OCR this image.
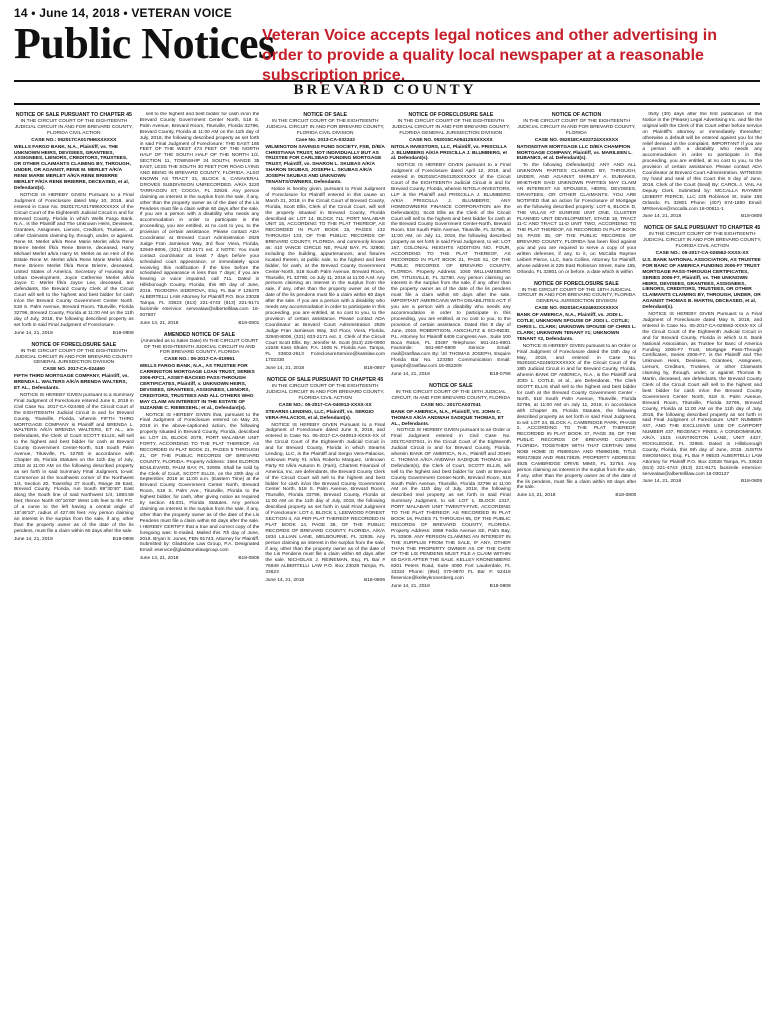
14 • June 14, 2018 • VETERAN VOICE
Public Notices
Veteran Voice accepts legal notices and other advertising in order to provide a quality local newspaper at a reasonable subscription price.
BREVARD COUNTY
NOTICE OF SALE PURSUANT TO CHAPTER 45
IN THE CIRCUIT COURT OF THE EIGHTEENTH JUDICIAL CIRCUIT IN AND FOR BREVARD COUNTY, FLORIDA CIVIL ACTION
CASE NO.: 052017CA017696XXXXXX
WELLS FARGO BANK, N.A., Plaintiff, vs. THE UNKNOWN HEIRS, DEVISEES, GRANTEES, ASSIGNEES, LIENORS, CREDITORS, TRUSTEES, OR OTHER CLAIMANTS CLAIMING BY, THROUGH, UNDER, OR AGAINST, RENE M. MERLET A/K/A RENE MARIE MERLET A/K/A RENE BRIERRE MERLET F/K/A RENE BRIERRE, DECEASED, et al, Defendant(s).

NOTICE IS HEREBY GIVEN Pursuant to a Final Judgment of Foreclosure dated May 10, 2018, and entered in Case No. 052017CA017696XXXXXX of the Circuit Court of the Eighteenth Judicial Circuit in and for Brevard County, Florida in which Wells Fargo Bank, N.A., is the Plaintiff and The Unknown Heirs, Devisees, Grantees, Assignees, Lienors, Creditors, Trustees, or other Claimants claiming by, through, under, or against, Rene M. Merlet a/k/a Rene Marie Merlet a/k/a Rene Brierre Merlet f/k/a Rene Brierre, deceased, Harry Michael Merlet a/k/a Harry M. Merlet as an Heir of the Estate Rene M. Merlet a/k/a Rene Marie Merlet a/k/a Rene Brierre Merlet f/k/a Rene Brierre, deceased, United States of America, Secretary of Housing and Urban Development, Joyce Catherine Merlet a/k/a Joyce C. Merlet f/k/a Joyce Lee, deceased, are defendants, the Brevard County Clerk of the Circuit Court will sell to the highest and best bidder for cash in/on the Brevard County Government Center North, 518 S. Palm Avenue, Brevard Room, Titusville, Florida 32796, Brevard County, Florida at 11:00 AM on the 11th day of July, 2018, the following described property as set forth in said Final Judgment of Foreclosure.

June 14, 21, 2018	B18-0808
NOTICE OF FORECLOSURE SALE
IN THE CIRCUIT COURT OF THE EIGHTEENTH JUDICIAL CIRCUIT IN AND FOR BREVARD COUNTY GENERAL JURISDICTION DIVISION
CASE NO. 2017-CA-024460
FIFTH THIRD MORTGAGE COMPANY, Plaintiff, vs. BRENDA L. WALTERS A/K/A BRENDA WALTERS, ET AL., Defendants.

NOTICE IS HEREBY GIVEN pursuant to a Summary Final Judgment of Foreclosure entered June 6, 2018 in Civil Case No. 2017-CA-024460 of the Circuit Court of the EIGHTEENTH Judicial Circuit in and for Brevard County, Titusville, Florida, wherein FIFTH THIRD MORTGAGE COMPANY is Plaintiff and BRENDA L. WALTERS A/K/A BRENDA WALTERS, ET AL., are Defendants, the Clerk of Court SCOTT ELLIS, will sell to the highest and best bidder for cash at Brevard County Government Center-North, 518 South Palm Avenue, Titusville, FL 32780 in accordance with Chapter 45, Florida Statutes on the 11th day of July, 2018 at 11:00 AM on the following described property as set forth in said Summary Final Judgment, to-wit: Commence at the Southwest corner of the Northwest 1/4, Section 20, Township 27 South, Range 36 East, Brevard County, Florida, run South 89°30'40" East along the South line of said Northwest 1/4, 1893.58 feet; thence North 00°16'00" West 145 feet to the P.C. of a curve to the left having a central angle of 15°46'10", radius of 427.68 feet. Any person claiming an interest in the surplus from the sale, if any, other than the property owner as of the date of the lis pendens, must file a claim within 60 days after the sale.

June 14, 21, 2018	B18-0808

sell to the highest and best bidder for cash in/on the Brevard County Government Center North, 518 S. Palm Avenue, Brevard Room, Titusville, Florida 32796, Brevard County, Florida at 11:00 AM on the 11th day of July, 2018, the following described property as set forth in said Final Judgment of Foreclosure: THE EAST 165 FEET OF THE WEST 473 FEET OF THE NORTH HALF OF THE SOUTH HALF OF THE NORTH 1/2, SECTION 11, TOWNSHIP 24 SOUTH, RANGE 35 EAST, LESS THE SOUTH 30 FEET FOR ROAD LYING AND BEING IN BREVARD COUNTY, FLORIDA. ALSO KNOWN AS TRACT 31, BLOCK 5, CANAVERAL GROVES SUBDIVISION UNRECORDED. A/K/A 3220 TARRAGON ST, COCOA, FL 32926. Any person claiming an interest in the surplus from the sale, if any, other than the property owner as of the date of the Lis Pendens must file a claim within 60 days after the sale. If you are a person with a disability who needs any accommodation in order to participate in this proceeding, you are entitled, at no cost to you, to the provision of certain assistance. Please contact ADA Coordinator at Brevard Court Administration 2825 Judge Fran Jamieson Way, 3rd floor Viera, Florida, 32940-8006, (321) 633-2171 ext. 2 NOTE: You must contact coordinator at least 7 days before your scheduled court appearance, or immediately upon receiving this notification if the time before the scheduled appearance is less than 7 days; if you are hearing or voice impaired, call 711. Dated in Hillsborough County, Florida, this 9th day of June, 2018. TEODORA SIDEROVA, Esq. FL Bar # 125470 ALBERTELLI LAW Attorney for Plaintiff P.O. Box 23028 Tampa, FL 33623 (813) 221-4743 (813) 221-9171 facsimile eService: servealaw@albertellilaw.com 16-007807

June 14, 21, 2018	B18-0801
AMENDED NOTICE OF SALE
(Amended as to Sales Date) IN THE CIRCUIT COURT OF THE EIGHTEENTH JUDICIAL CIRCUIT IN AND FOR BREVARD COUNTY, FLORIDA
CASE NO.: 05-2017-CA-019951
WELLS FARGO BANK, N.A., AS TRUSTEE FOR CARRINGTON MORTGAGE LOAN TRUST, SERIES 2006-RFC1, ASSET-BACKED PASS-THROUGH CERTIFICATES, Plaintiff, v. UNKNOWN HEIRS, DEVISEES, GRANTEES, ASSIGNEES, LIENORS, CREDITORS, TRUSTEES AND ALL OTHERS WHO MAY CLAIM AN INTEREST IN THE ESTATE OF SUZANNE C. RIEBESEHL; et al., Defendant(s).

NOTICE IS HEREBY GIVEN that, pursuant to the Final Judgment of Foreclosure entered on May 23, 2018 in the above-captioned action, the following property situated in Brevard County, Florida, described as: LOT 15, BLOCK 2078, PORT MALABAR UNIT FORTY, ACCORDING TO THE PLAT THEREOF, AS RECORDED IN PLAT BOOK 21, PAGES 5 THROUGH 21, OF THE PUBLIC RECORDS OF BREVARD COUNTY, FLORIDA. Property Address: 1564 ELDRON BOULEVARD, PALM BAY, FL 32909. Shall be sold by the Clerk of Court, SCOTT ELLIS, on the 20th day of September, 2018 at 11:00 a.m. (Eastern Time) at the Brevard County Government Center North, Brevard Room, 518 S. Palm Ave., Titusville, Florida to the highest bidder, for cash, after giving notice as required by section 45.031, Florida Statutes. Any person claiming an interest in the surplus from the sale, if any, other than the property owner as of the date of the Lis Pendens must file a claim within 60 days after the sale. I HEREBY CERTIFY that a true and correct copy of the foregoing was: E-mailed, Mailed this 7th day of June, 2018. Bryan S. Jones, FBN 91743, Attorney for Plaintiff. Submitted by: Gladstone Law Group, P.A. Designated Email: eservice@gladstonelawgroup.com

June 14, 21, 2018	B18-0805
NOTICE OF SALE
IN THE CIRCUIT COURT OF THE EIGHTEENTH JUDICIAL CIRCUIT IN AND FOR BREVARD COUNTY, FLORIDA CIVIL DIVISION
Case No. 2013-CA-032243
WILMINGTON SAVINGS FUND SOCIETY, FSB, D/B/A CHRISTIANA TRUST, NOT INDIVIDUALLY BUT AS TRUSTEE FOR CARLSBAD FUNDING MORTGAGE TRUST, Plaintiff, vs. SHARON L. SKUBAS A/K/A SHARON SKUBAS, JOSEPH L. SKUBAS A/K/A JOSEPH SKUBAS AND UNKNOWN TENANTS/OWNERS, Defendants.

Notice is hereby given, pursuant to Final Judgment of Foreclosure for Plaintiff entered in this cause on March 21, 2018, in the Circuit Court of Brevard County, Florida, Scott Ellis, Clerk of the Circuit Court, will sell the property situated in Brevard County, Florida described as: LOT 14, BLOCK 711, PORT MALABAR UNIT 15, ACCORDING TO THE PLAT THEREOF, AS RECORDED IN PLAT BOOK 15, PAGES 132 THROUGH 133, OF THE PUBLIC RECORDS OF BREVARD COUNTY, FLORIDA. and commonly known as: 410 VANCE CIRCLE NE, PALM BAY, FL 32905; including the building, appurtenances, and fixtures located therein, at public sale, to the highest and best bidder, for cash, at the Brevard County Government Center-North, 518 South Palm Avenue, Brevard Room, Titusville, FL 32780, on July 11, 2018 at 11:00 A.M. Any persons claiming an interest in the surplus from the sale, if any, other than the property owner as of the date of the lis pendens must file a claim within 60 days after the sale. If you are a person with a disability who needs any accommodation in order to participate in this proceeding, you are entitled, at no cost to you, to the provision of certain assistance. Please contact ADA Coordinator at Brevard Court Administration 2825 Judge Fran Jamieson Way, 3rd Floor, Viera, Florida, 32940-8006, (321) 633-2171 ext. 2. Clerk of the Circuit Court Scott Ellis. By: Jennifer M. Scott (813) 229-0900 x1648 Kass Shuler, P.A. 1505 N. Florida Ave. Tampa, FL 33602-2613 ForeclosureService@kasslaw.com 1702330

June 14, 21, 2018	B18-0807
NOTICE OF SALE PURSUANT TO CHAPTER 45
IN THE CIRCUIT COURT OF THE EIGHTEENTH JUDICIAL CIRCUIT IN AND FOR BREVARD COUNTY, FLORIDA CIVIL ACTION
CASE NO.: 05-2017-CA-040913-XXXX-XX
STEARNS LENDING, LLC, Plaintiff, vs. SERGIO VERA-PALACIOS, et al, Defendant(s).

NOTICE IS HEREBY GIVEN Pursuant to a Final Judgment of Foreclosure dated June 5, 2018, and entered in Case No. 05-2017-CA-040913-XXXX-XX of the Circuit Court of the Eighteenth Judicial Circuit in and for Brevard County, Florida in which Stearns Lending, LLC, is the Plaintiff and Sergio Vera-Palacios, Unknown Party #1 n/k/a Roberto Marquez, Unknown Party #2 n/k/a Autumn E. (Fam), Chartest Financial of America, Inc. are defendants, the Brevard County Clerk of the Circuit Court will sell to the highest and best bidder for cash in/on the Brevard County Government Center North, 518 S. Palm Avenue, Brevard Room, Titusville, Florida 32796, Brevard County, Florida at 11:00 AM on the 11th day of July, 2018, the following described property as set forth in said Final Judgment of Foreclosure: LOT 4, BLOCK 1, LEEWOOD FOREST SECTION 4, AS PER PLAT THEREOF RECORDED IN PLAT BOOK 14, PAGE 38, OF THE PUBLIC RECORDS OF BREVARD COUNTY, FLORIDA. A/K/A 1834 LILLIAN LANE, MELBOURNE, FL 32935. Any person claiming an interest in the surplus from the sale, if any, other than the property owner as of the date of the Lis Pendens must file a claim within 60 days after the sale. NICHOLAS J. REINEMAN, Esq. FL Bar # 76949 ALBERTELLI LAW P.O. Box 23028 Tampa, FL 33623

June 14, 21, 2018	B18-0806
NOTICE OF FORECLOSURE SALE
IN THE CIRCUIT COURT OF THE EIGHTEENTH JUDICIAL CIRCUIT IN AND FOR BREVARD COUNTY, FLORIDA GENERAL JURISDICTION DIVISION
CASE NO. 052015CA054125XXXXXX
NITOLA INVESTORS, LLC, Plaintiff, vs. PRISCILLA J. BLUMBERG A/K/A PRISCILLA J. BLUMBERG, et al. Defendant(s).

NOTICE IS HEREBY GIVEN pursuant to a Final Judgment of Foreclosure dated April 12, 2018, and entered in 052015CA054125XXXXXX of the Circuit Court of the EIGHTEENTH Judicial Circuit in and for Brevard County, Florida, wherein NITOLA INVESTORS, LLP is the Plaintiff and PRISCILLA J. BLUMBERG A/K/A PRISCILLA J. BLUMBERG; ANY HOMEOWNERS FINANCE CORPORATION are the Defendant(s). Scott Ellis as the Clerk of the Circuit Court will sell to the highest and best bidder for cash at the Brevard County Government Center-North, Brevard Room, 518 South Palm Avenue, Titusville, FL 32796, at 11:00 AM, on July 11, 2018, the following described property as set forth in said Final Judgment, to wit: LOT 167, COLONIAL HEIGHTS ADDITION NO. FOUR, ACCORDING TO THE PLAT THEREOF, AS RECORDED IN PLAT BOOK 21, PAGE 51, OF THE PUBLIC RECORDS OF BREVARD COUNTY, FLORIDA. Property Address: 1060 WILLIAMSBURG DR, TITUSVILLE, FL 32780. Any person claiming an interest in the surplus from the sale, if any, other than the property owner as of the date of the lis pendens must file a claim within 60 days after the sale. IMPORTANT AMERICANS WITH DISABILITIES ACT: If you are a person with a disability who needs any accommodation in order to participate in this proceeding, you are entitled, at no cost to you, to the provision of certain assistance. Dated this 8 day of June, 2018. ROBERTSON, ANSCHUTZ & SCHNEID, P.L. Attorney for Plaintiff 6409 Congress Ave., Suite 100 Boca Raton, FL 33487 Telephone: 561-241-6901 Facsimile: 561-997-6909 Service Email: mail@rasflaw.com By: \S\ THOMAS JOSEPH, Esquire Florida Bar No. 123350 Communication Email: tjoseph@rasflaw.com 16-052209

June 14, 21, 2018	B18-0796
NOTICE OF SALE
IN THE CIRCUIT COURT OF THE 18TH JUDICIAL CIRCUIT, IN AND FOR BREVARD COUNTY, FLORIDA
CASE NO.: 2017CA037041
BANK OF AMERICA, N.A., Plaintiff, VS. JOHN C. THOMAS A/K/A ANDWAH SADIQUE THOMAS, ET AL., Defendants.

NOTICE IS HEREBY GIVEN pursuant to an Order or Final Judgment entered in Civil Case No. 2017CA037041, in the Circuit Court of the Eighteenth Judicial Circuit in and for Brevard County, Florida, wherein BANK OF AMERICA, N.A., Plaintiff and JOHN C. THOMAS A/K/A ANDWAH SADIQUE THOMAS are Defendant(s), the Clerk of Court, SCOTT ELLIS, will sell to the highest and best bidder for cash at Brevard County Government Center-North, Brevard Room, 518 South Palm Avenue, Titusville, Florida 32796 at 11:00 AM on the 11th day of July, 2018, the following described real property as set forth in said Final Summary Judgment, to wit: LOT 1, BLOCK 1317, PORT MALABAR UNIT TWENTY-FIVE, ACCORDING TO THE PLAT THEREOF, AS RECORDED IN PLAT BOOK 16, PAGES 71 THROUGH 85, OF THE PUBLIC RECORDS OF BREVARD COUNTY, FLORIDA. Property Address: 2868 Fedia Avenue SE, Palm Bay, FL 32909. ANY PERSON CLAIMING AN INTEREST IN THE SURPLUS FROM THE SALE, IF ANY, OTHER THAN THE PROPERTY OWNER AS OF THE DATE OF THE LIS PENDENS MUST FILE A CLAIM WITHIN 60 DAYS AFTER THE SALE. KELLEY KRONENBERG 8201 Peters Road, Suite 4000 Fort Lauderdale, FL 33324 Phone: (954) 370-9970 FL Bar #: 52418 fleservice@kelleykronenberg.com

June 14, 21, 2018	B18-0808
NOTICE OF ACTION
IN THE CIRCUIT COURT OF THE EIGHTEENTH JUDICIAL CIRCUIT IN AND FOR BREVARD COUNTY, FLORIDA
CASE NO. 052018CA022724XXXXXX
NATIONSTAR MORTGAGE LLC D/B/A CHAMPION MORTGAGE COMPANY, Plaintiff, vs. MARILEEN L. EUBANKS, et al. Defendant(s).

To the following Defendant(s): ANY AND ALL UNKNOWN PARTIES CLAIMING BY, THROUGH, UNDER, AND AGAINST SHIRLEY A. EUBANKS, WHETHER SAID UNKNOWN PARTIES MAY CLAIM AN INTEREST AS SPOUSES, HEIRS, DEVISEES, GRANTEES, OR OTHER CLAIMANTS. YOU ARE NOTIFIED that an action for Foreclosure of Mortgage on the following described property: LOT 6, BLOCK D, THE VILLAS AT SUNRISE UNIT ONE, CLUSTER PLANNED UNIT DEVELOPMENT, STAGE 18, TRACT 11-C AND TRACT 11-D UNIT TWO, ACCORDING TO THE PLAT THEREOF, AS RECORDED IN PLAT BOOK 34, PAGE 35, OF THE PUBLIC RECORDS OF BREVARD COUNTY, FLORIDA has been filed against you and you are required to serve a copy of your written defenses, if any, to it, on McCalla Raymer Leibert Pierce, LLC, Sara Collins, Attorney for Plaintiff, whose address is 225 East Robinson Street, Suite 155, Orlando, FL 32801 on or before, a date which is within

NOTICE OF FORECLOSURE SALE
IN THE CIRCUIT COURT OF THE 18TH JUDICIAL CIRCUIT IN AND FOR BREVARD COUNTY, FLORIDA GENERAL JURISDICTION DIVISION
CASE NO. 052016CA024602XXXXXX
BANK OF AMERICA, N.A., Plaintiff, vs. JODI L. COTLE; UNKNOWN SPOUSE OF JODI L. COTLE; CHRIS L. CLARK; UNKNOWN SPOUSE OF CHRIS L. CLARK; UNKNOWN TENANT #1; UNKNOWN TENANT #2, Defendants.

NOTICE IS HEREBY GIVEN pursuant to an Order or Final Judgment of Foreclosure dated the 15th day of May, 2018, and entered in Case No. 052016CA024602XXXXXX of the Circuit Court of the 18th Judicial Circuit in and for Brevard County, Florida, wherein BANK OF AMERICA, N.A., is the Plaintiff and JODI L. COTLE, et al., are Defendants. The Clerk SCOTT ELLIS shall sell to the highest and best bidder for cash at the Brevard County Government Center - North, 518 South Palm Avenue, Titusville, Florida 32796, at 11:00 AM on July 11, 2018, in accordance with Chapter 45, Florida Statutes, the following described property as set forth in said Final Judgment, to wit: LOT 24, BLOCK A, CAMBRIDGE PARK, PHASE 2, ACCORDING TO THE PLAT THEREOF, RECORDED IN PLAT BOOK 37, PAGE 38, OF THE PUBLIC RECORDS OF BREVARD COUNTY, FLORIDA. TOGETHER WITH THAT CERTAIN 1994 NOBI HOME ID #N89019A AND #N89019B, TITLE #69173828 AND #69173829. PROPERTY ADDRESS: 4925 CAMBRIDGE DRIVE MIMS, FL 32754. Any person claiming an interest in the surplus from the sale, if any, other than the property owner as of the date of the lis pendens, must file a claim within 60 days after the sale.

June 14, 21, 2018	B18-0800

thirty (30) days after the first publication of this Notice in the (Please) Legal Advertising Inc. and file the original with the Clerk of this Court either before service on Plaintiff's attorney or immediately thereafter; otherwise a default will be entered against you for the relief demand in the complaint. IMPORTANT If you are a person with a disability who needs any accommodation in order to participate in this proceeding, you are entitled, at no cost to you, to the provision of certain assistance. Please contact ADA Coordinator at Brevard Court Administration. WITNESS my hand and seal of this Court this 5 day of June, 2018. Clerk of the Court (Seal) By: CAROL J. VAIL As Deputy Clerk. Submitted by: MCCALLA RAYMER LEIBERT PIERCE, LLC 225 Robinson St, Suite 155 Orlando, FL 32801 Phone: (407) 674-1850 Email: MRService@mccalla.com 18-00611-1

June 14, 21, 2018	B18-0809
NOTICE OF SALE PURSUANT TO CHAPTER 45
IN THE CIRCUIT COURT OF THE EIGHTEENTH JUDICIAL CIRCUIT IN AND FOR BREVARD COUNTY, FLORIDA CIVIL ACTION
CASE NO.: 05-2017-CA-026562-XXXX-XX
U.S. BANK NATIONAL ASSOCIATION, AS TRUSTEE FOR BANC OF AMERICA FUNDING 2006-F7 TRUST MORTGAGE PASS-THROUGH CERTIFICATES, SERIES 2006-F7, Plaintiff, vs. THE UNKNOWN HEIRS, DEVISEES, GRANTEES, ASSIGNEES, LIENORS, CREDITORS, TRUSTEES, OR OTHER CLAIMANTS CLAIMING BY, THROUGH, UNDER, OR AGAINST THOMAS B. MARTIN, DECEASED, et al, Defendant(s).

NOTICE IS HEREBY GIVEN Pursuant to a Final Judgment of Foreclosure dated May 8, 2018, and entered in Case No. 05-2017-CA-026562-XXXX-XX of the Circuit Court of the Eighteenth Judicial Circuit in and for Brevard County, Florida in which U.S. Bank National Association, as Trustee for Banc of America Funding 2006-F7 Trust, Mortgage Pass-Through Certificates, Series 2006-F7, is the Plaintiff and The Unknown Heirs, Devisees, Grantees, Assignees, Lienors, Creditors, Trustees, or other Claimants claiming by, through, under, or against Thomas B. Martin, deceased, are defendants, the Brevard County Clerk of the Circuit Court will sell to the highest and best bidder for cash in/on the Brevard County Government Center North, 518 S. Palm Avenue, Brevard Room, Titusville, Florida 32796, Brevard County, Florida at 11:00 AM on the 11th day of July, 2018, the following described property as set forth in said Final Judgment of Foreclosure: UNIT NUMBER 437, AND THE EXCLUSIVE USE OF CARPORT NUMBER 437, REGENCY PINES, A CONDOMINIUM. A/K/A 1515 HUNTINGTON LANE, UNIT 4427, ROCKLEDGE, FL 32955. Dated in Hillsborough County, Florida, this 9th day of June, 2018. JUSTIN SWOSINSKI, Esq. FL Bar # 96533 ALBERTELLI LAW Attorney for Plaintiff P.O. Box 23028 Tampa, FL 33623 (813) 221-4743 (813) 221-9171 facsimile eService: servealaw@albertellilaw.com 16-030127

June 14, 21, 2018	B18-0809
